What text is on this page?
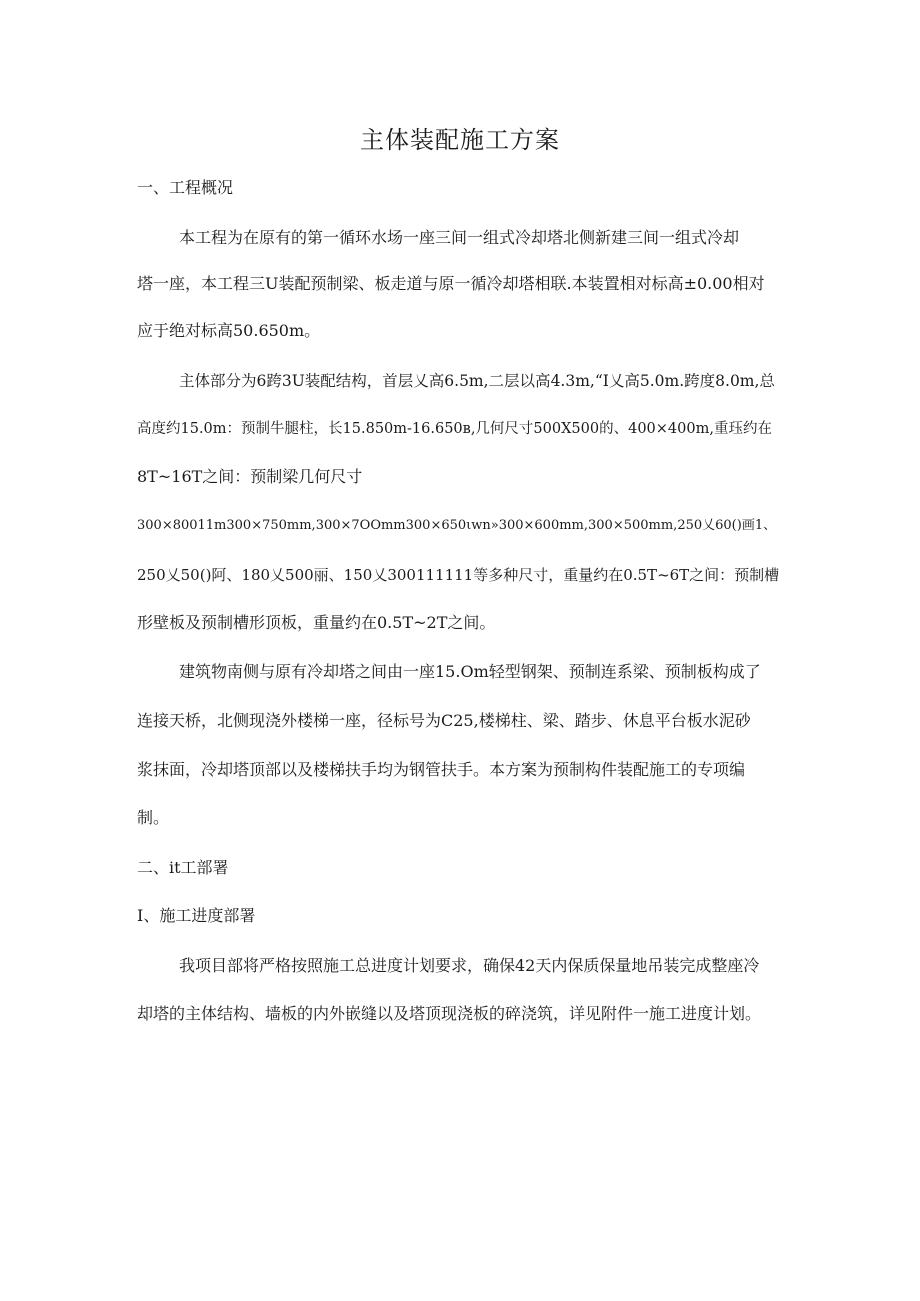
主体装配施工方案
一、工程概况

本工程为在原有的第一循环水场一座三间一组式冷却塔北侧新建三间一组式冷却

塔一座，本工程三U装配预制梁、板走道与原一循冷却塔相联.本装置相对标高±0.00相对

应于绝对标高50.650m。

主体部分为6跨3U装配结构，首层乂高6.5m,二层以高4.3m,“I乂高5.0m.跨度8.0m,总

高度约15.0m：预制牛腿柱，长15.850m-16.650ʙ,几何尺寸500X500的、400×400m,重珏约在

8T~16T之间：预制梁几何尺寸

300×80011m300×750mm,300×7OOmm300×650ιwn»300×600mm,300×500mm,250乂60()画1、

250乂50()阿、180乂500丽、150乂300111111等多种尺寸，重量约在0.5T~6T之间：预制槽

形壁板及预制槽形顶板，重量约在0.5T~2T之间。

建筑物南侧与原有冷却塔之间由一座15.Om轻型钢架、预制连系梁、预制板构成了

连接天桥，北侧现浇外楼梯一座，径标号为C25,楼梯柱、梁、踏步、休息平台板水泥砂

浆抹面，冷却塔顶部以及楼梯扶手均为钢管扶手。本方案为预制构件装配施工的专项编

制。

二、it工部署
I、施工进度部署

我项目部将严格按照施工总进度计划要求，确保42天内保质保量地吊装完成整座冷

却塔的主体结构、墙板的内外嵌缝以及塔顶现浇板的碎浇筑，详见附件一施工进度计划。
